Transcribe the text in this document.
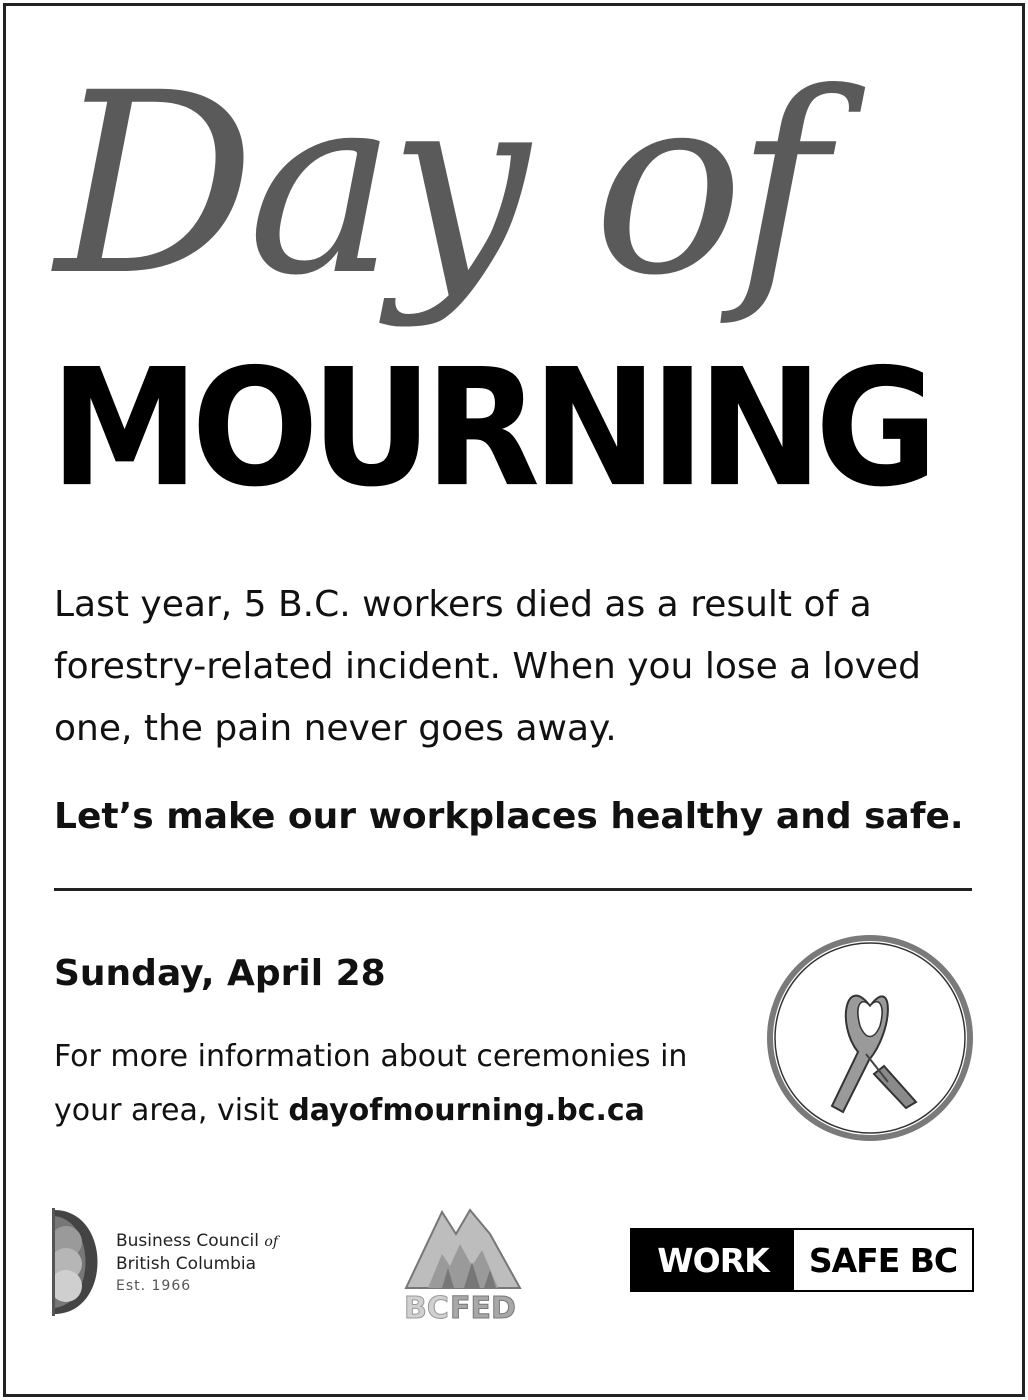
Day of
MOURNING
Last year, 5 B.C. workers died as a result of a forestry-related incident. When you lose a loved one, the pain never goes away.
Let’s make our workplaces healthy and safe.
Sunday, April 28
For more information about ceremonies in your area, visit dayofmourning.bc.ca
Business Council of
British Columbia
Est. 1966
BC FED
WORK	SAFE BC
